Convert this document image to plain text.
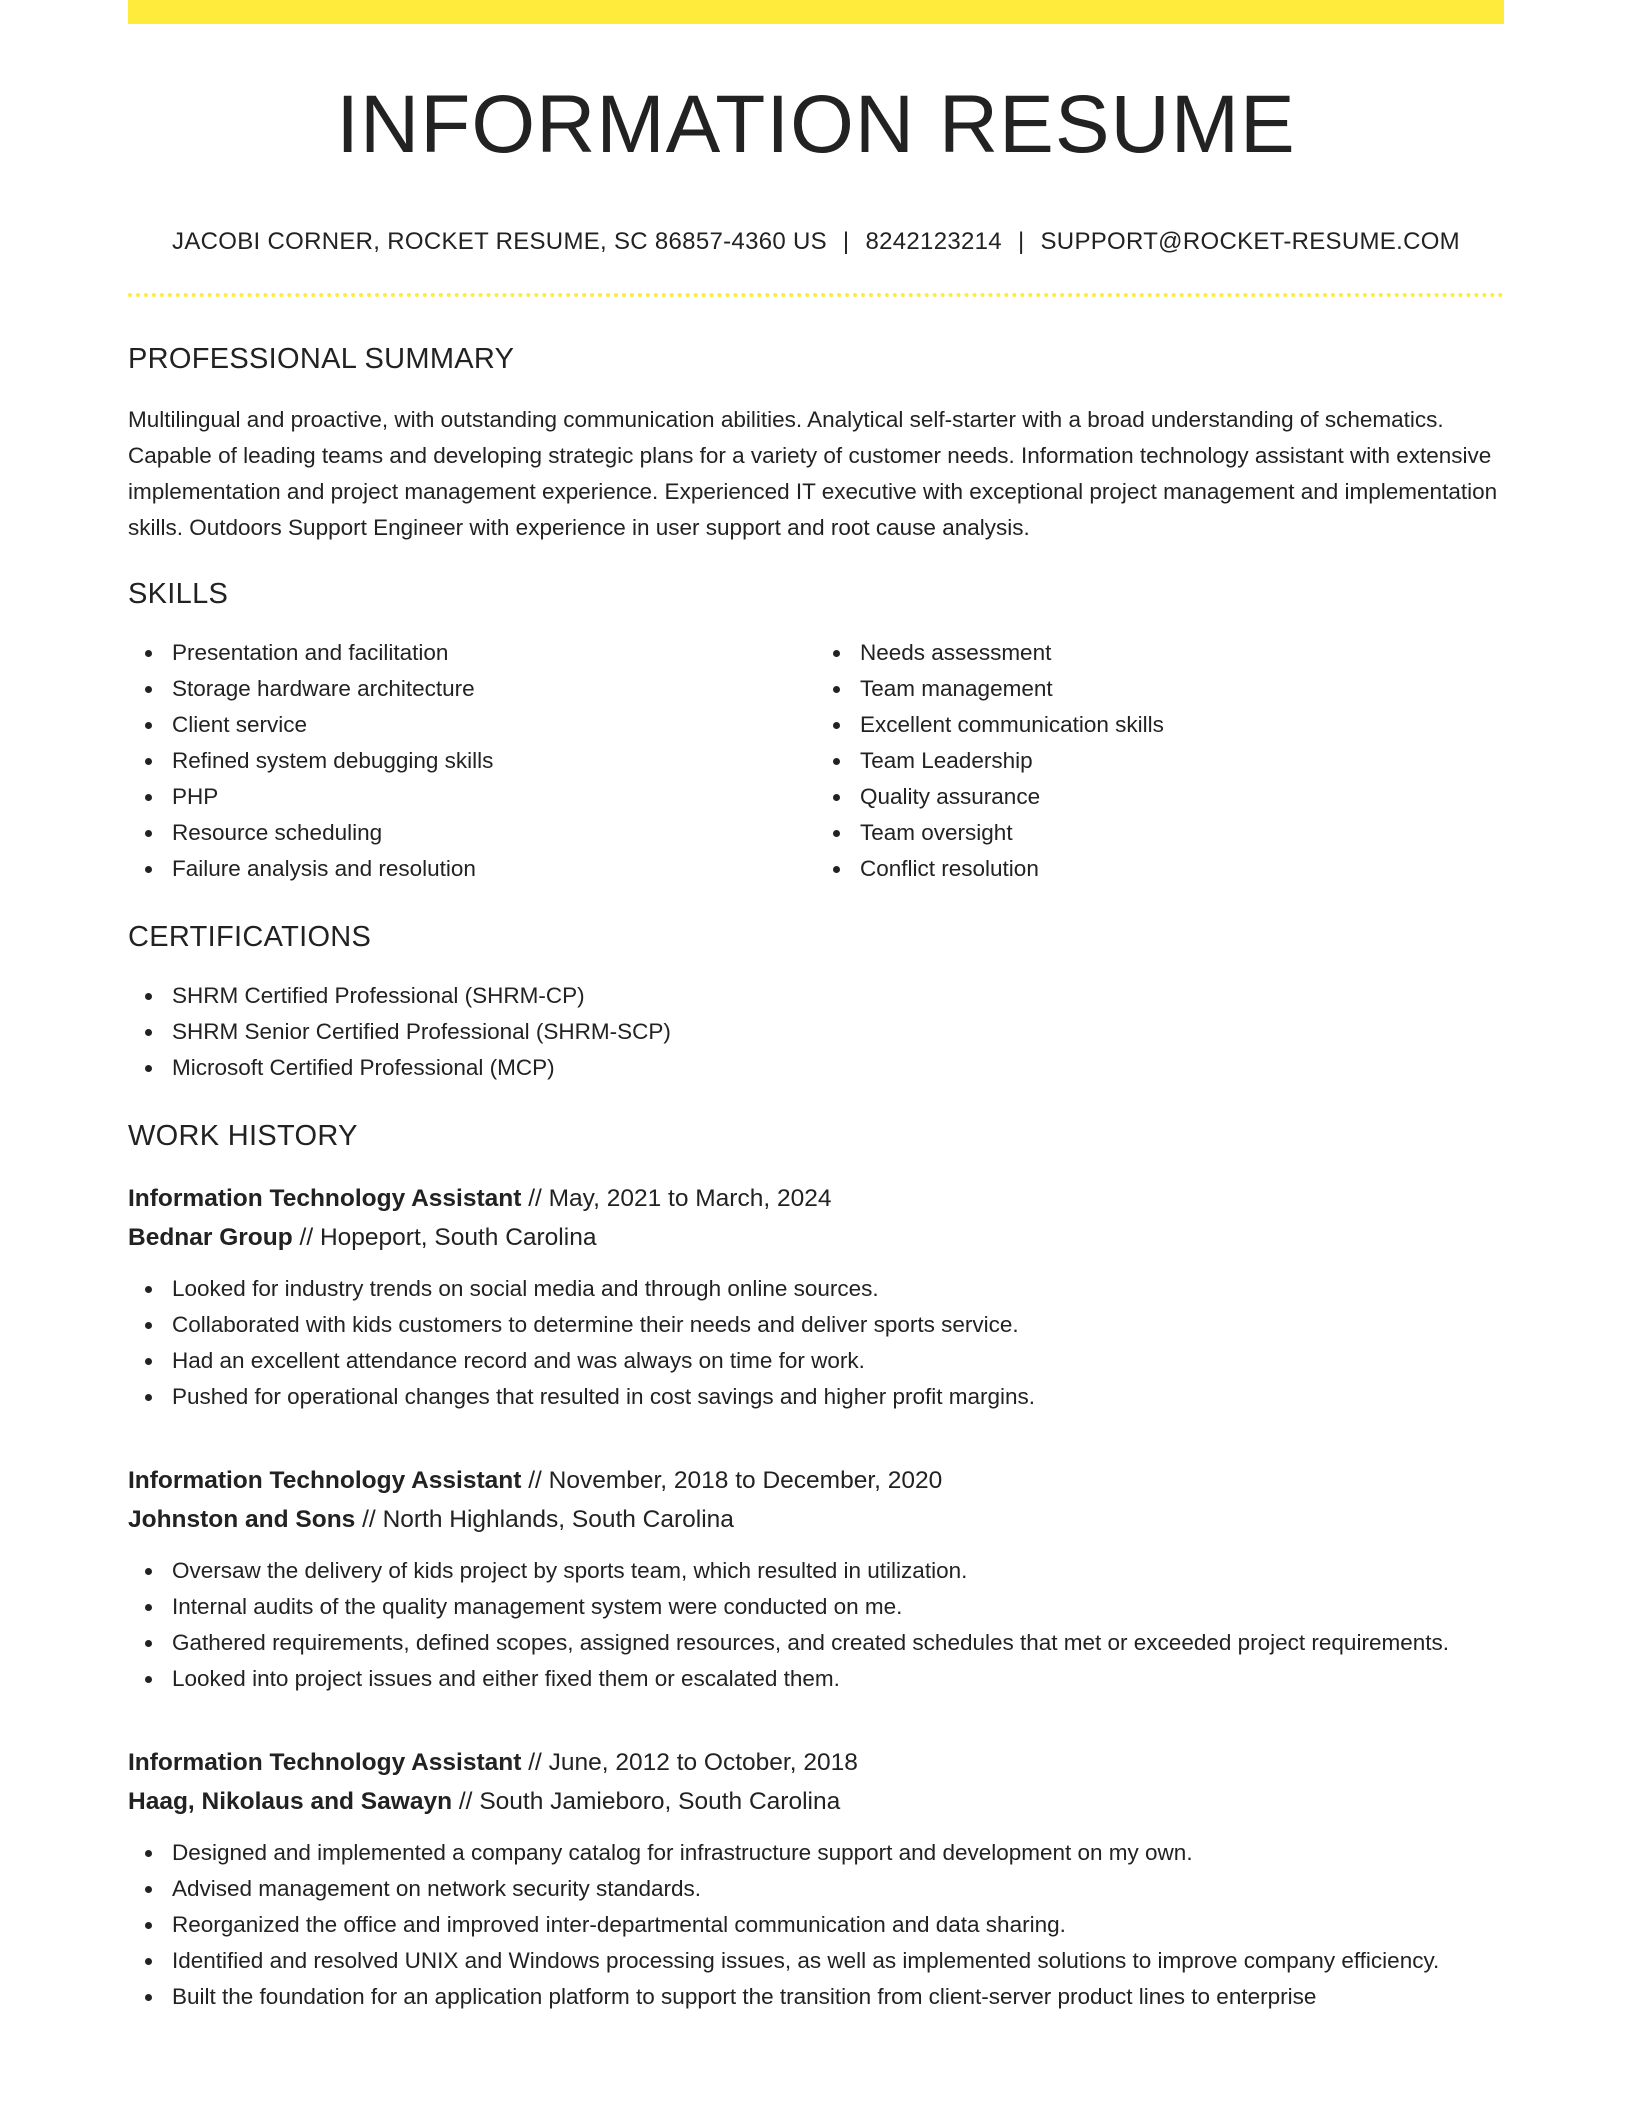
INFORMATION RESUME
JACOBI CORNER, ROCKET RESUME, SC 86857-4360 US | 8242123214 | SUPPORT@ROCKET-RESUME.COM
PROFESSIONAL SUMMARY

Multilingual and proactive, with outstanding communication abilities. Analytical self-starter with a broad understanding of schematics. Capable of leading teams and developing strategic plans for a variety of customer needs. Information technology assistant with extensive implementation and project management experience. Experienced IT executive with exceptional project management and implementation skills. Outdoors Support Engineer with experience in user support and root cause analysis.

SKILLS
Presentation and facilitation
Storage hardware architecture
Client service
Refined system debugging skills
PHP
Resource scheduling
Failure analysis and resolution
Needs assessment
Team management
Excellent communication skills
Team Leadership
Quality assurance
Team oversight
Conflict resolution
CERTIFICATIONS
SHRM Certified Professional (SHRM-CP)
SHRM Senior Certified Professional (SHRM-SCP)
Microsoft Certified Professional (MCP)
WORK HISTORY
Information Technology Assistant // May, 2021 to March, 2024
Bednar Group // Hopeport, South Carolina
Looked for industry trends on social media and through online sources.
Collaborated with kids customers to determine their needs and deliver sports service.
Had an excellent attendance record and was always on time for work.
Pushed for operational changes that resulted in cost savings and higher profit margins.
Information Technology Assistant // November, 2018 to December, 2020
Johnston and Sons // North Highlands, South Carolina
Oversaw the delivery of kids project by sports team, which resulted in utilization.
Internal audits of the quality management system were conducted on me.
Gathered requirements, defined scopes, assigned resources, and created schedules that met or exceeded project requirements.
Looked into project issues and either fixed them or escalated them.
Information Technology Assistant // June, 2012 to October, 2018
Haag, Nikolaus and Sawayn // South Jamieboro, South Carolina
Designed and implemented a company catalog for infrastructure support and development on my own.
Advised management on network security standards.
Reorganized the office and improved inter-departmental communication and data sharing.
Identified and resolved UNIX and Windows processing issues, as well as implemented solutions to improve company efficiency.
Built the foundation for an application platform to support the transition from client-server product lines to enterprise
